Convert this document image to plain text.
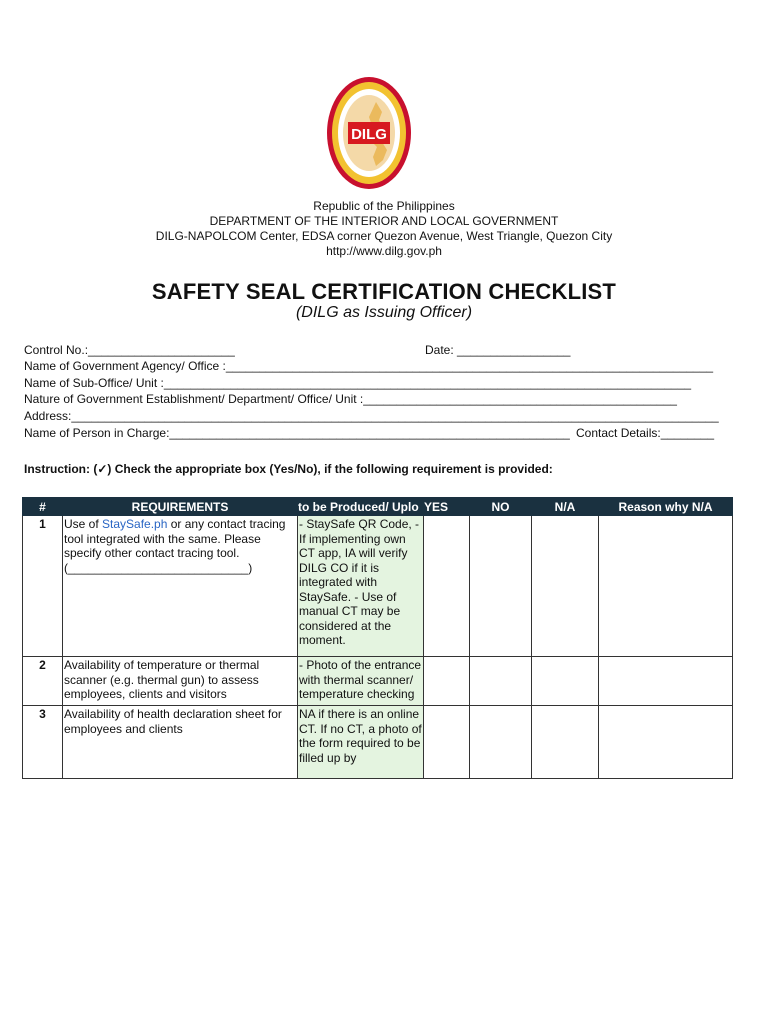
DILG
Republic of the Philippines
DEPARTMENT OF THE INTERIOR AND LOCAL GOVERNMENT
DILG-NAPOLCOM Center, EDSA corner Quezon Avenue, West Triangle, Quezon City
http://www.dilg.gov.ph
SAFETY SEAL CERTIFICATION CHECKLIST
(DILG as Issuing Officer)
Control No.:______________________	Date: _________________
Name of Government Agency/ Office :_________________________________________________________________________
Name of Sub-Office/ Unit :_______________________________________________________________________________
Nature of Government Establishment/ Department/ Office/ Unit :_______________________________________________
Address:_________________________________________________________________________________________________
Name of Person in Charge:____________________________________________________________ Contact Details:________
Instruction: (✓) Check the appropriate box (Yes/No), if the following requirement is provided:
#	REQUIREMENTS	to be Produced/ Uplo	YES	NO	N/A	Reason why N/A
1	Use of StaySafe.ph or any contact tracing tool integrated with the same. Please specify other contact tracing tool. (___________________________)	- StaySafe QR Code, - If implementing own CT app, IA will verify DILG CO if it is integrated with StaySafe. - Use of manual CT may be considered at the moment.				
2	Availability of temperature or thermal scanner (e.g. thermal gun) to assess employees, clients and visitors	- Photo of the entrance with thermal scanner/ temperature checking				

3	Availability of health declaration sheet for employees and clients	NA if there is an online CT. If no CT, a photo of the form required to be filled up by				
